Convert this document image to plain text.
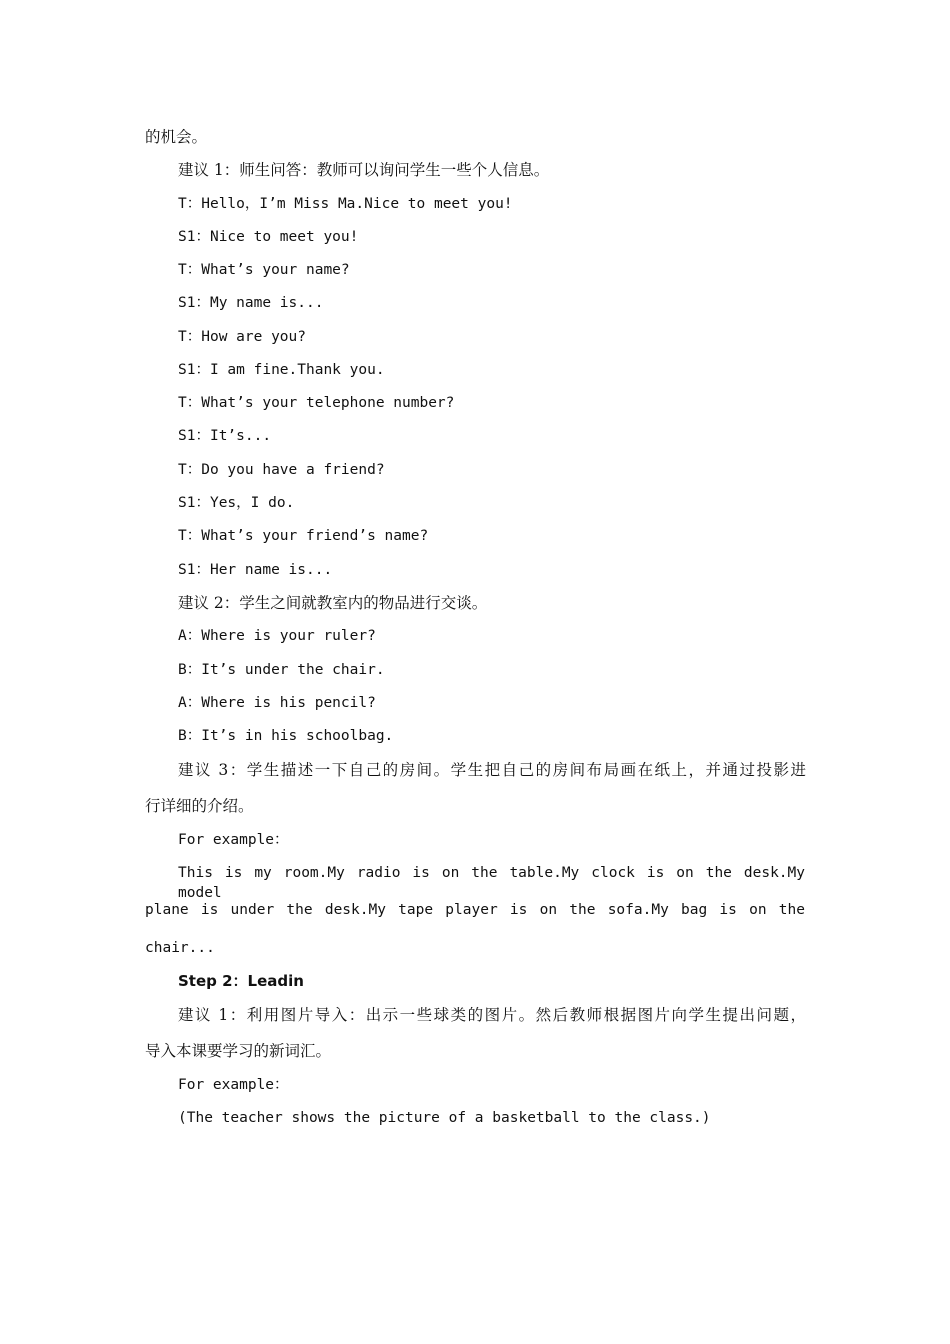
的机会。
建议 1：师生问答：教师可以询问学生一些个人信息。
T：Hello，I’m Miss Ma.Nice to meet you!
S1：Nice to meet you!
T：What’s your name?
S1：My name is...
T：How are you?
S1：I am fine.Thank you.
T：What’s your telephone number?
S1：It’s...
T：Do you have a friend?
S1：Yes，I do.
T：What’s your friend’s name?
S1：Her name is...
建议 2：学生之间就教室内的物品进行交谈。
A：Where is your ruler?
B：It’s under the chair.
A：Where is his pencil?
B：It’s in his schoolbag.
建议 3：学生描述一下自己的房间。学生把自己的房间布局画在纸上，并通过投影进
行详细的介绍。
For example：
This is my room.My radio is on the table.My clock is on the desk.My model
plane is under the desk.My tape player is on the sofa.My bag is on the
chair...
Step 2：Leadin
建议 1：利用图片导入：出示一些球类的图片。然后教师根据图片向学生提出问题，
导入本课要学习的新词汇。
For example：
(The teacher shows the picture of a basketball to the class.)
